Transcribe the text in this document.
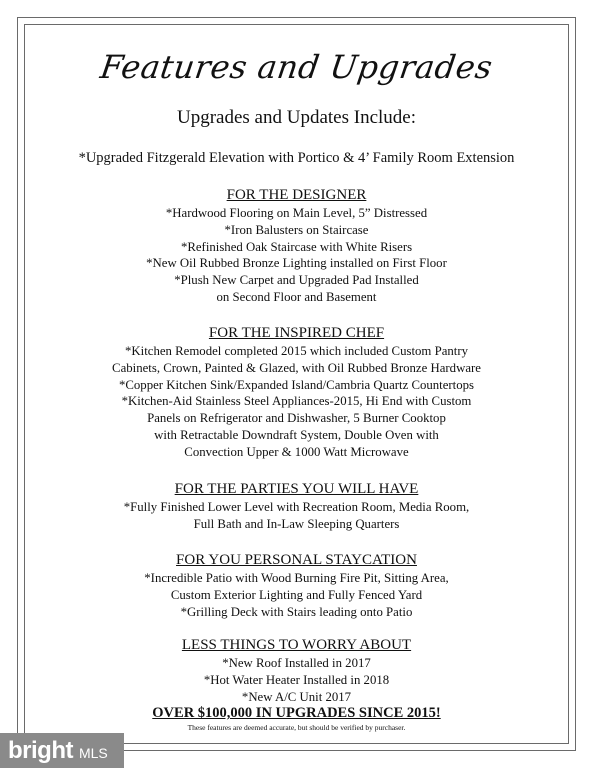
Features and Upgrades
Upgrades and Updates Include:
*Upgraded Fitzgerald Elevation with Portico & 4’ Family Room Extension
FOR THE DESIGNER
*Hardwood Flooring on Main Level, 5” Distressed
*Iron Balusters on Staircase
*Refinished Oak Staircase with White Risers
*New Oil Rubbed Bronze Lighting installed on First Floor
*Plush New Carpet and Upgraded Pad Installed
on Second Floor and Basement
FOR THE INSPIRED CHEF
*Kitchen Remodel completed 2015 which included Custom Pantry
Cabinets, Crown, Painted & Glazed, with Oil Rubbed Bronze Hardware
*Copper Kitchen Sink/Expanded Island/Cambria Quartz Countertops
*Kitchen-Aid Stainless Steel Appliances-2015, Hi End with Custom
Panels on Refrigerator and Dishwasher, 5 Burner Cooktop
with Retractable Downdraft System, Double Oven with
Convection Upper & 1000 Watt Microwave
FOR THE PARTIES YOU WILL HAVE
*Fully Finished Lower Level with Recreation Room, Media Room,
Full Bath and In-Law Sleeping Quarters
FOR YOU PERSONAL STAYCATION
*Incredible Patio with Wood Burning Fire Pit, Sitting Area,
Custom Exterior Lighting and Fully Fenced Yard
*Grilling Deck with Stairs leading onto Patio
LESS THINGS TO WORRY ABOUT
*New Roof Installed in 2017
*Hot Water Heater Installed in 2018
*New A/C Unit 2017
OVER $100,000 IN UPGRADES SINCE 2015!
These features are deemed accurate, but should be verified by purchaser.
bright MLS
